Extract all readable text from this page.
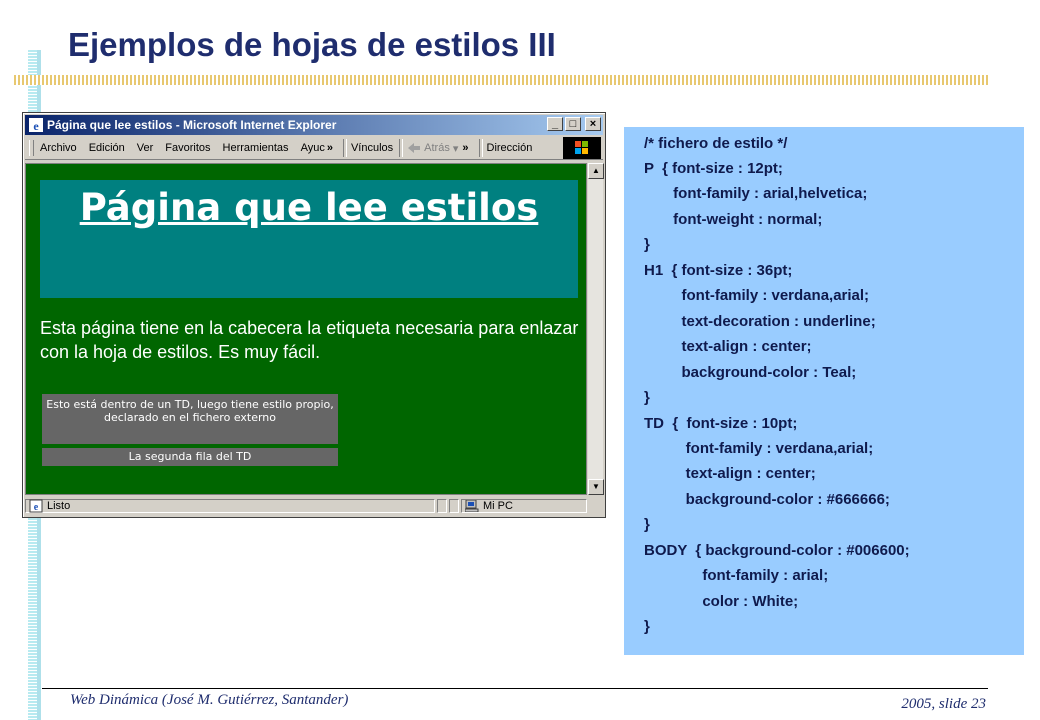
Ejemplos de hojas de estilos III
e Página que lee estilos - Microsoft Internet Explorer	_	□	×
Archivo Edición Ver Favoritos Herramientas Ayuc » Vínculos	Atrás ▾ » Dirección
Página que lee estilos
Esta página tiene en la cabecera la etiqueta necesaria para enlazar con la hoja de estilos. Es muy fácil.
Esto está dentro de un TD, luego tiene estilo propio, declarado en el fichero externo
La segunda fila del TD
▲
▼
e Listo	Mi PC
/* fichero de estilo */
P  { font-size : 12pt;
font-family : arial,helvetica;
font-weight : normal;
}
H1  { font-size : 36pt;
font-family : verdana,arial;
text-decoration : underline;
text-align : center;
background-color : Teal;
}
TD  {  font-size : 10pt;
font-family : verdana,arial;
text-align : center;
background-color : #666666;
}
BODY  { background-color : #006600;
font-family : arial;
color : White;
}
Web Dinámica (José M. Gutiérrez, Santander)	2005, slide 23
